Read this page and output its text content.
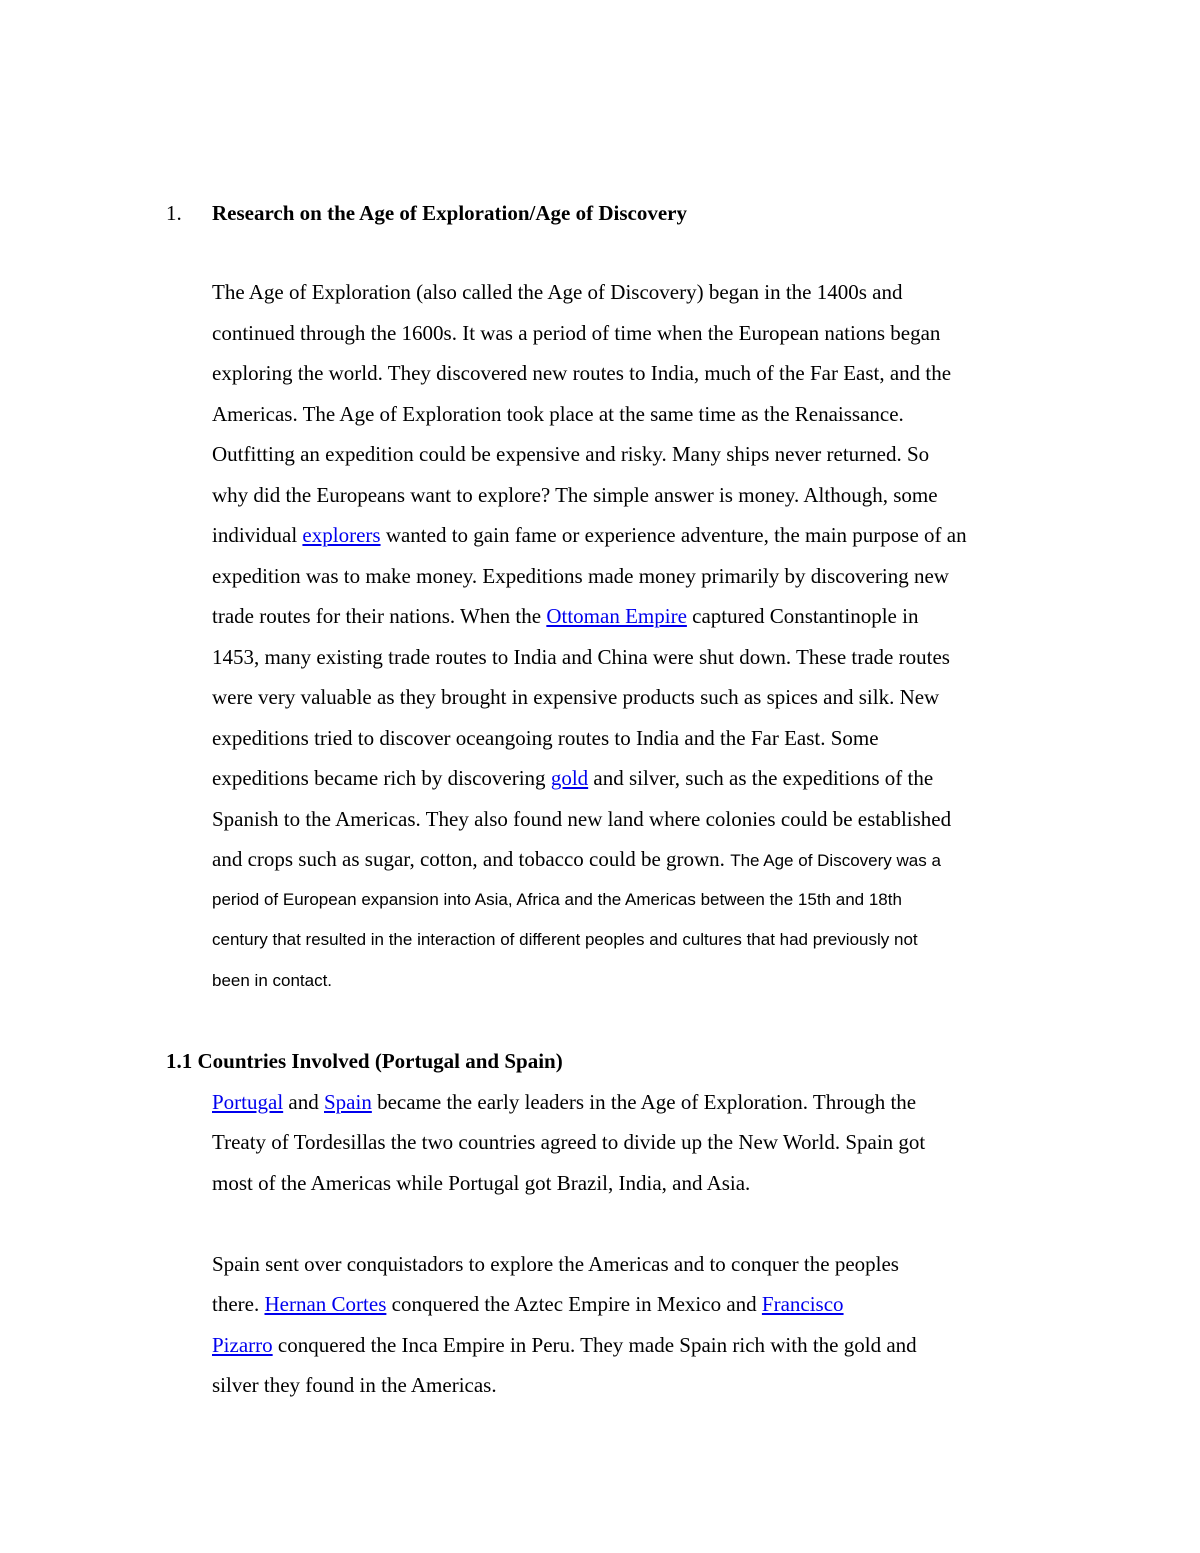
1. Research on the Age of Exploration/Age of Discovery
The Age of Exploration (also called the Age of Discovery) began in the 1400s and
continued through the 1600s. It was a period of time when the European nations began
exploring the world. They discovered new routes to India, much of the Far East, and the
Americas. The Age of Exploration took place at the same time as the Renaissance.
Outfitting an expedition could be expensive and risky. Many ships never returned. So
why did the Europeans want to explore? The simple answer is money. Although, some
individual explorers wanted to gain fame or experience adventure, the main purpose of an
expedition was to make money. Expeditions made money primarily by discovering new
trade routes for their nations. When the Ottoman Empire captured Constantinople in
1453, many existing trade routes to India and China were shut down. These trade routes
were very valuable as they brought in expensive products such as spices and silk. New
expeditions tried to discover oceangoing routes to India and the Far East. Some
expeditions became rich by discovering gold and silver, such as the expeditions of the
Spanish to the Americas. They also found new land where colonies could be established
and crops such as sugar, cotton, and tobacco could be grown. The Age of Discovery was a
period of European expansion into Asia, Africa and the Americas between the 15th and 18th
century that resulted in the interaction of different peoples and cultures that had previously not
been in contact.
1.1 Countries Involved (Portugal and Spain)
Portugal and Spain became the early leaders in the Age of Exploration. Through the
Treaty of Tordesillas the two countries agreed to divide up the New World. Spain got
most of the Americas while Portugal got Brazil, India, and Asia.
Spain sent over conquistadors to explore the Americas and to conquer the peoples
there. Hernan Cortes conquered the Aztec Empire in Mexico and Francisco
Pizarro conquered the Inca Empire in Peru. They made Spain rich with the gold and
silver they found in the Americas.
